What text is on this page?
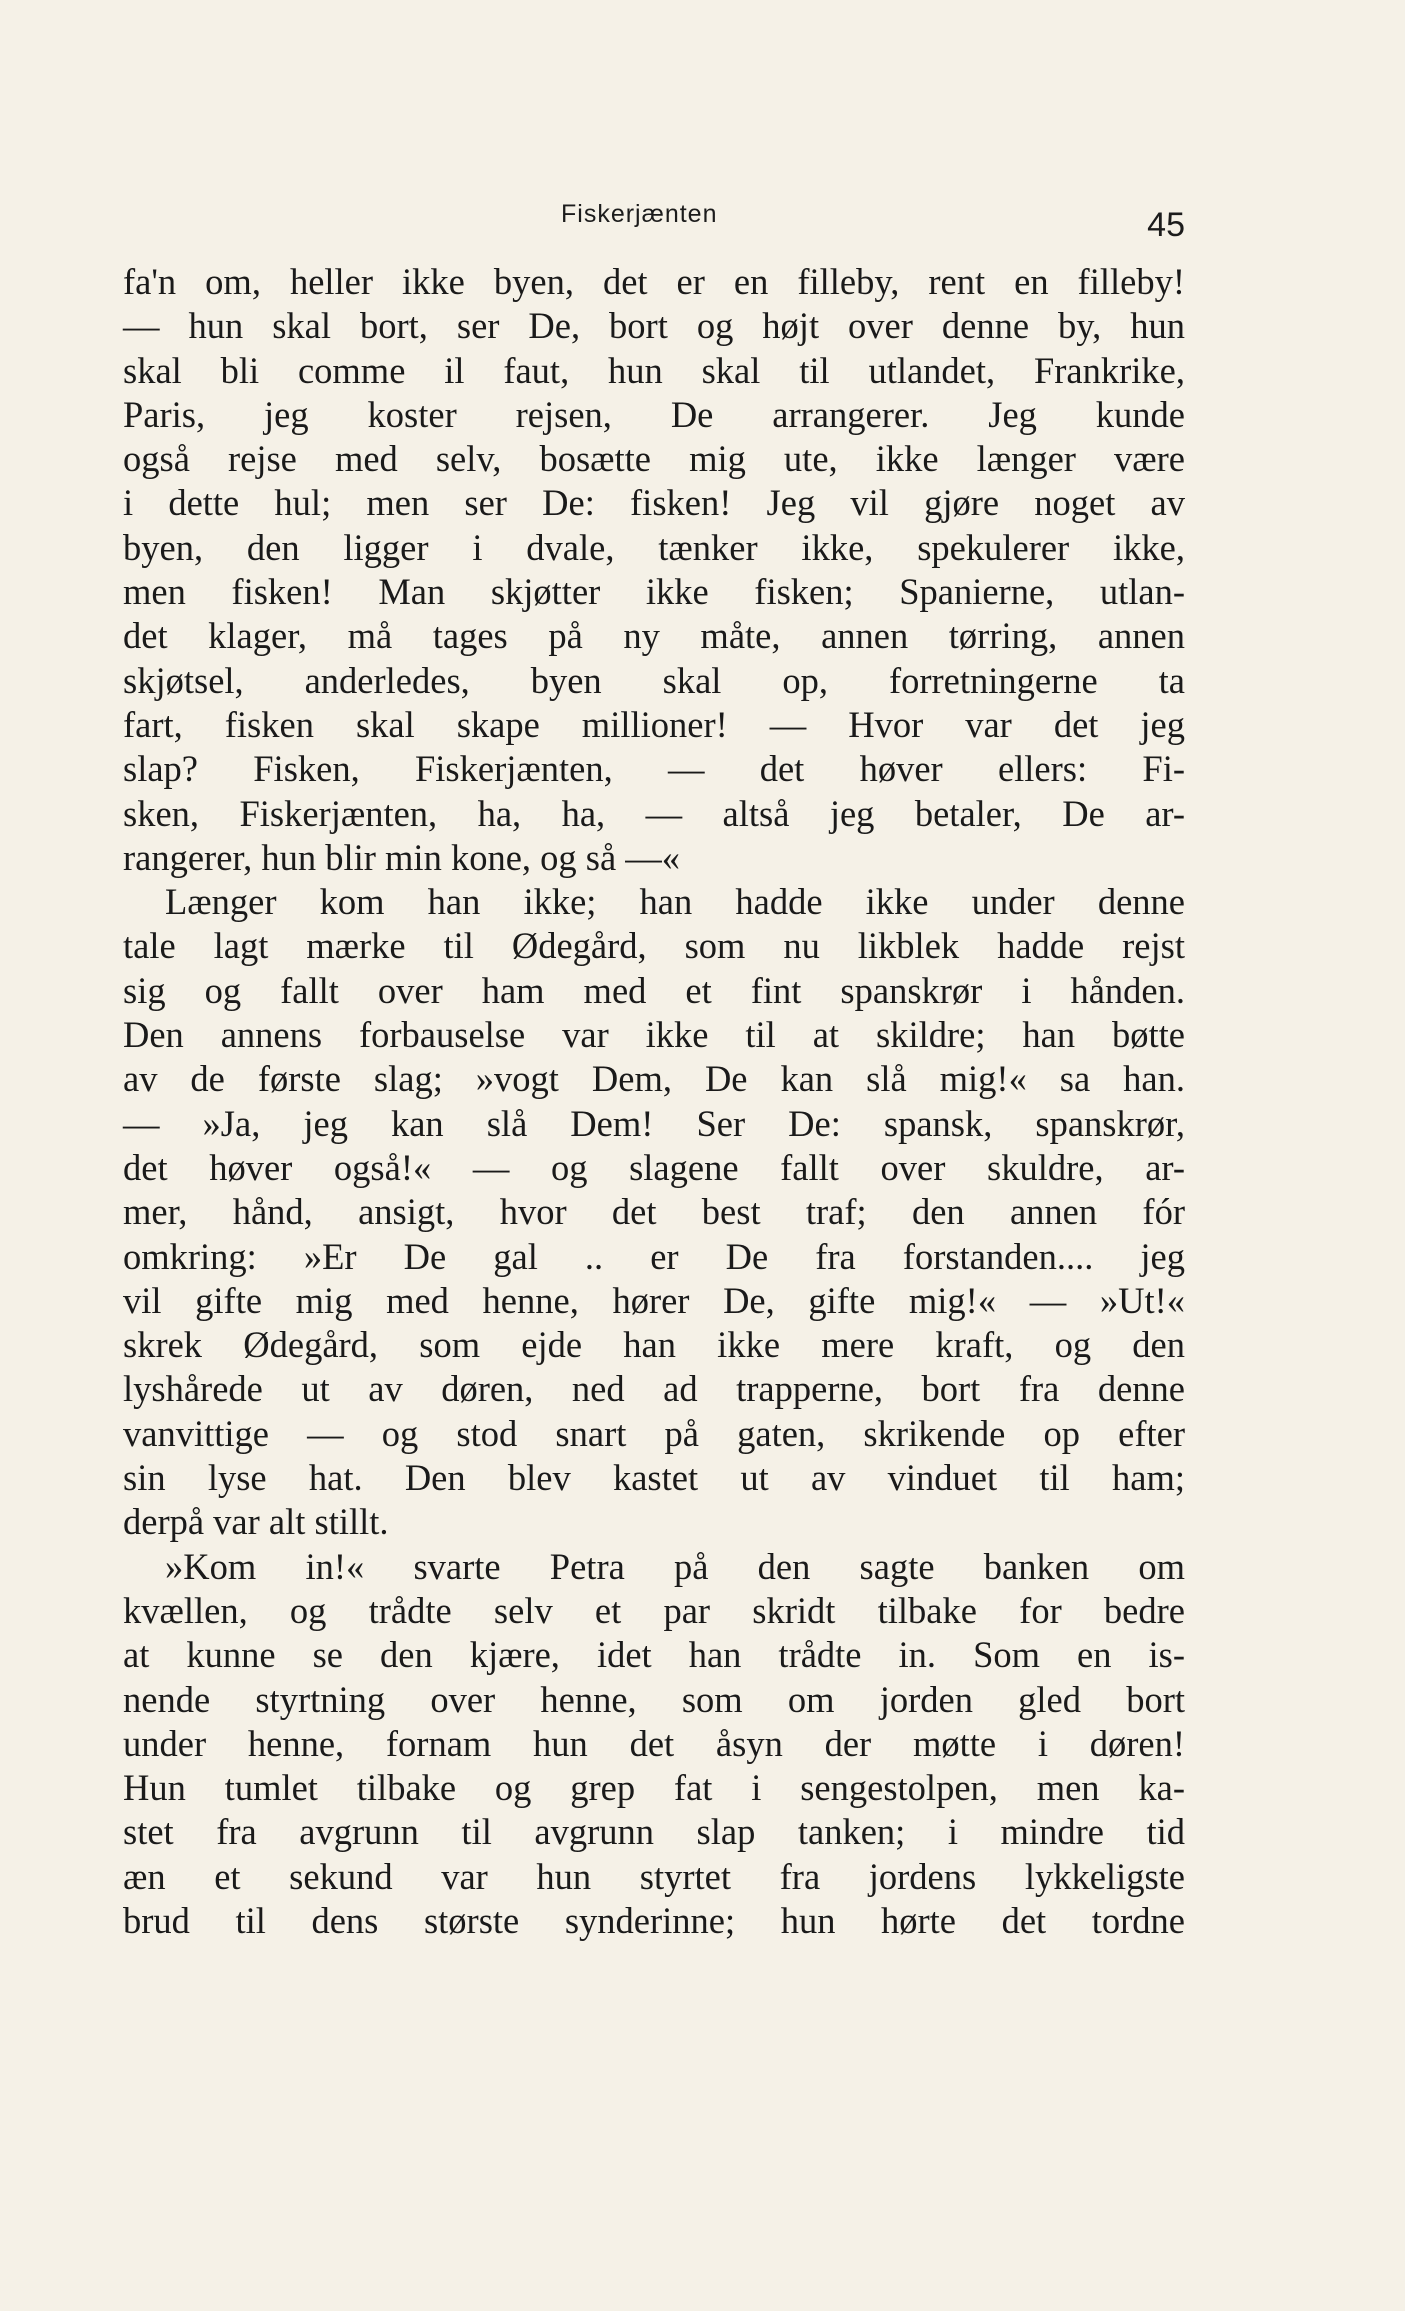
Fiskerjænten	45
fa'n om, heller ikke byen, det er en filleby, rent en filleby!
— hun skal bort, ser De, bort og højt over denne by, hun
skal bli comme il faut, hun skal til utlandet, Frankrike,
Paris, jeg koster rejsen, De arrangerer. Jeg kunde
også rejse med selv, bosætte mig ute, ikke længer være
i dette hul; men ser De: fisken! Jeg vil gjøre noget av
byen, den ligger i dvale, tænker ikke, spekulerer ikke,
men fisken! Man skjøtter ikke fisken; Spanierne, utlan-
det klager, må tages på ny måte, annen tørring, annen
skjøtsel, anderledes, byen skal op, forretningerne ta
fart, fisken skal skape millioner! — Hvor var det jeg
slap? Fisken, Fiskerjænten, — det høver ellers: Fi-
sken, Fiskerjænten, ha, ha, — altså jeg betaler, De ar-
rangerer, hun blir min kone, og så —«
Længer kom han ikke; han hadde ikke under denne
tale lagt mærke til Ødegård, som nu likblek hadde rejst
sig og fallt over ham med et fint spanskrør i hånden.
Den annens forbauselse var ikke til at skildre; han bøtte
av de første slag; »vogt Dem, De kan slå mig!« sa han.
— »Ja, jeg kan slå Dem! Ser De: spansk, spanskrør,
det høver også!« — og slagene fallt over skuldre, ar-
mer, hånd, ansigt, hvor det best traf; den annen fór
omkring: »Er De gal .. er De fra forstanden.... jeg
vil gifte mig med henne, hører De, gifte mig!« — »Ut!«
skrek Ødegård, som ejde han ikke mere kraft, og den
lyshårede ut av døren, ned ad trapperne, bort fra denne
vanvittige — og stod snart på gaten, skrikende op efter
sin lyse hat. Den blev kastet ut av vinduet til ham;
derpå var alt stillt.
»Kom in!« svarte Petra på den sagte banken om
kvællen, og trådte selv et par skridt tilbake for bedre
at kunne se den kjære, idet han trådte in. Som en is-
nende styrtning over henne, som om jorden gled bort
under henne, fornam hun det åsyn der møtte i døren!
Hun tumlet tilbake og grep fat i sengestolpen, men ka-
stet fra avgrunn til avgrunn slap tanken; i mindre tid
æn et sekund var hun styrtet fra jordens lykkeligste
brud til dens største synderinne; hun hørte det tordne
